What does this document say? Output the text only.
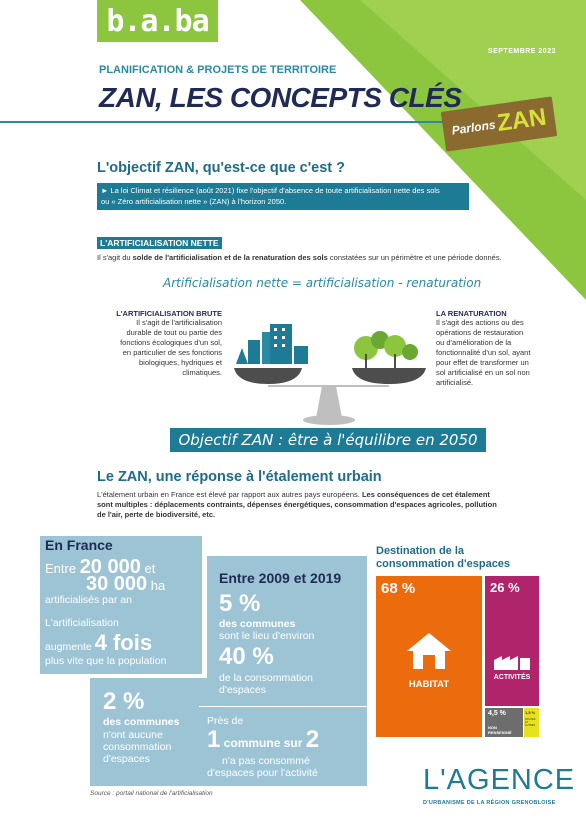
b.a.ba
SEPTEMBRE 2022
PLANIFICATION & PROJETS DE TERRITOIRE
ZAN, LES CONCEPTS CLÉS
Parlons ZAN
L'objectif ZAN, qu'est-ce que c'est ?
► La loi Climat et résilience (août 2021) fixe l'objectif d'absence de toute artificialisation nette des sols
ou « Zéro artificialisation nette » (ZAN) à l'horizon 2050.
L'ARTIFICIALISATION NETTE
Il s'agit du solde de l'artificialisation et de la renaturation des sols constatées sur un périmètre et une période donnés.
Artificialisation nette = artificialisation - renaturation
L'ARTIFICIALISATION BRUTE
Il s'agit de l'artificialisation
durable de tout ou partie des
fonctions écologiques d'un sol,
en particulier de ses fonctions
biologiques, hydriques et
climatiques.
LA RENATURATION
Il s'agit des actions ou des
opérations de restauration
ou d'amélioration de la
fonctionnalité d'un sol, ayant
pour effet de transformer un
sol artificialisé en un sol non
artificialisé.
Objectif ZAN : être à l'équilibre en 2050
Le ZAN, une réponse à l'étalement urbain
L'étalement urbain en France est élevé par rapport aux autres pays européens. Les conséquences de cet étalement
sont multiples : déplacements contraints, dépenses énergétiques, consommation d'espaces agricoles, pollution
de l'air, perte de biodiversité, etc.
En France
Entre 20 000 et
30 000 ha
artificialisés par an
L'artificialisation
augmente 4 fois
plus vite que la population
Entre 2009 et 2019
5 %
des communes
sont le lieu d'environ
40 %
de la consommation
d'espaces
2 %
des communes
n'ont aucune
consommation
d'espaces
Près de
1 commune sur 2
n'a pas consommé
d'espaces pour l'activité
Destination de la
consommation d'espaces
68 %
HABITAT
26 %
ACTIVITÉS
4,5 %
NON
RENSEIGNÉ
1,5 %
ROUTES ET
AUTRES
Source : portail national de l'artificialisation	L'AGENCE
D'URBANISME DE LA RÉGION GRENOBLOISE
